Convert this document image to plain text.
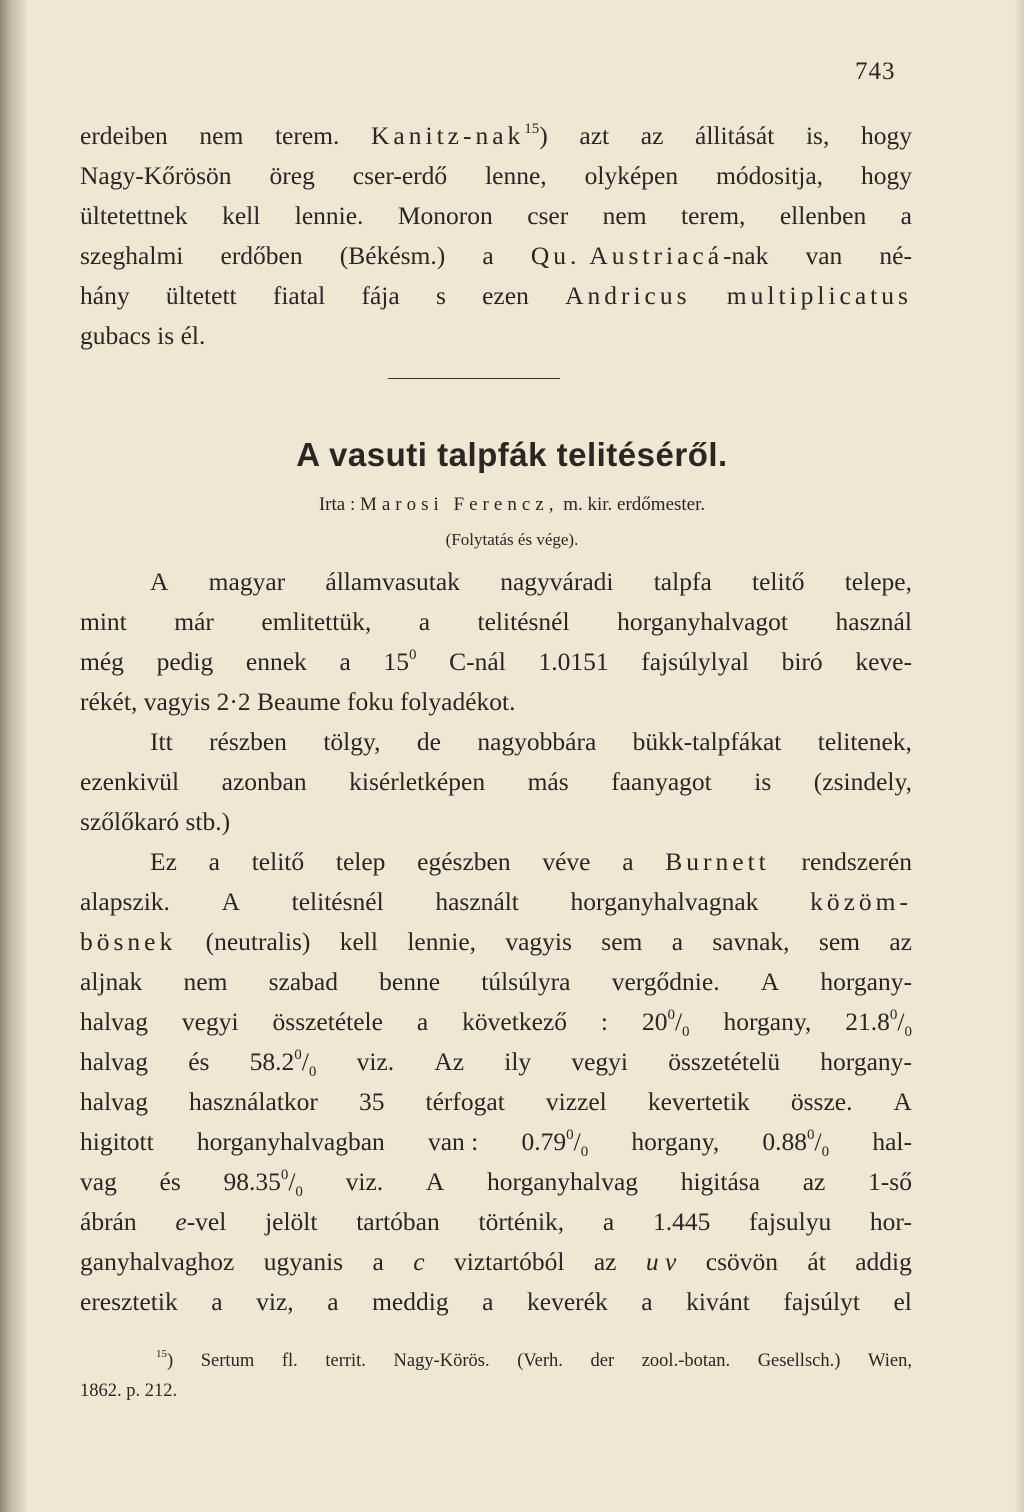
743
erdeiben nem terem. Kanitz-nak$^{15}$) azt az állitását is, hogy
Nagy-Kőrösön öreg cser-erdő lenne, olyképen módositja, hogy
ültetettnek kell lennie. Monoron cser nem terem, ellenben a
szeghalmi erdőben (Békésm.) a Qu. Austriacá-nak van né-
hány ültetett fiatal fája s ezen Andricus multiplicatus
gubacs is él.
A vasuti talpfák telitéséről.
Irta : Marosi Ferencz, m. kir. erdőmester.
(Folytatás és vége).
A magyar államvasutak nagyváradi talpfa telitő telepe,
mint már emlitettük, a telitésnél horganyhalvagot használ
még pedig ennek a $15^0$ C-nál 1.0151 fajsúlylyal biró keve-
rékét, vagyis 2·2 Beaume foku folyadékot.
Itt részben tölgy, de nagyobbára bükk-talpfákat telitenek,
ezenkivül azonban kisérletképen más faanyagot is (zsindely,
szőlőkaró stb.)
Ez a telitő telep egészben véve a Burnett rendszerén
alapszik. A telitésnél használt horganyhalvagnak közöm-
bösnek (neutralis) kell lennie, vagyis sem a savnak, sem az
aljnak nem szabad benne túlsúlyra vergődnie. A horgany-
halvag vegyi összetétele a következő : $20^0/_0$ horgany, $21.8^0/_0$
halvag és $58.2^0/_0$ viz. Az ily vegyi összetételü horgany-
halvag használatkor 35 térfogat vizzel kevertetik össze. A
higitott horganyhalvagban van : $0.79^0/_0$ horgany, $0.88^0/_0$ hal-
vag és $98.35^0/_0$ viz. A horganyhalvag higitása az 1-ső
ábrán e-vel jelölt tartóban történik, a 1.445 fajsulyu hor-
ganyhalvaghoz ugyanis a c viztartóból az u v csövön át addig
eresztetik a viz, a meddig a keverék a kivánt fajsúlyt el
$^{15}$) Sertum fl. territ. Nagy-Körös. (Verh. der zool.-botan. Gesellsch.) Wien,
1862. p. 212.
